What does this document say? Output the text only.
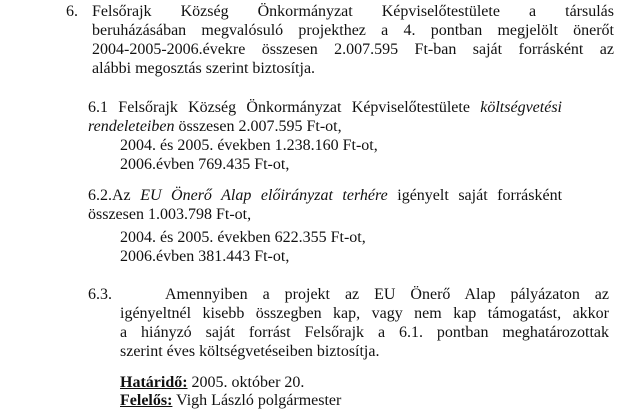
6. Felsőrajk Község Önkormányzat Képviselőtestülete a társulás
beruházásában megvalósuló projekthez a 4. pontban megjelölt önerőt
2004-2005-2006.évekre összesen 2.007.595 Ft-ban saját forrásként az
alábbi megosztás szerint biztosítja.
6.1 Felsőrajk Község Önkormányzat Képviselőtestülete költségvetési
rendeleteiben összesen 2.007.595 Ft-ot,
2004. és 2005. években 1.238.160 Ft-ot,
2006.évben 769.435 Ft-ot,
6.2.Az EU Önerő Alap előirányzat terhére igényelt saját forrásként
összesen 1.003.798 Ft-ot,
2004. és 2005. években 622.355 Ft-ot,
2006.évben 381.443 Ft-ot,
6.3.	Amennyiben a projekt az EU Önerő Alap pályázaton az
igényeltnél kisebb összegben kap, vagy nem kap támogatást, akkor
a hiányzó saját forrást Felsőrajk a 6.1. pontban meghatározottak
szerint éves költségvetéseiben biztosítja.
Határidő: 2005. október 20.
Felelős: Vigh László polgármester
